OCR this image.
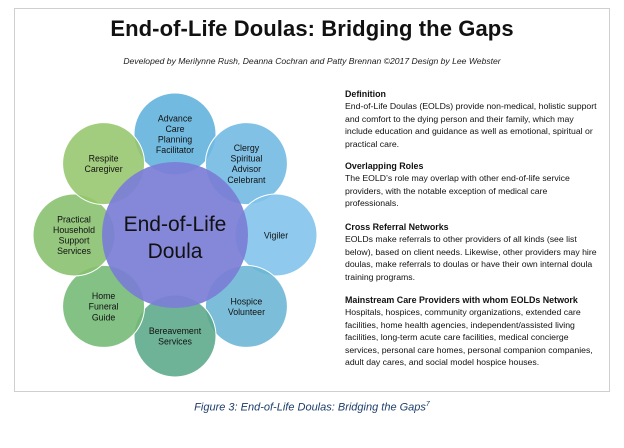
End-of-Life Doulas: Bridging the Gaps
Developed by Merilynne Rush, Deanna Cochran and Patty Brennan ©2017 Design by Lee Webster
Advance
Care
Planning
Facilitator	Clergy
Spiritual
Advisor
Celebrant
Vigiler
Hospice
Volunteer
Bereavement
Services
Home
Funeral
Guide
Practical
Household
Support
Services
Respite
Caregiver
End-of-Life
Doula
Definition

End-of-Life Doulas (EOLDs) provide non-medical, holistic support and comfort to the dying person and their family, which may include education and guidance as well as emotional, spiritual or practical care.

Overlapping Roles

The EOLD’s role may overlap with other end-of-life service providers, with the notable exception of medical care professionals.

Cross Referral Networks

EOLDs make referrals to other providers of all kinds (see list below), based on client needs. Likewise, other providers may hire doulas, make referrals to doulas or have their own internal doula training programs.

Mainstream Care Providers with whom EOLDs Network

Hospitals, hospices, community organizations, extended care facilities, home health agencies, independent/assisted living facilities, long-term acute care facilities, medical concierge services, personal care homes, personal companion companies, adult day cares, and social model hospice houses.

Figure 3: End-of-Life Doulas: Bridging the Gaps$^7$
